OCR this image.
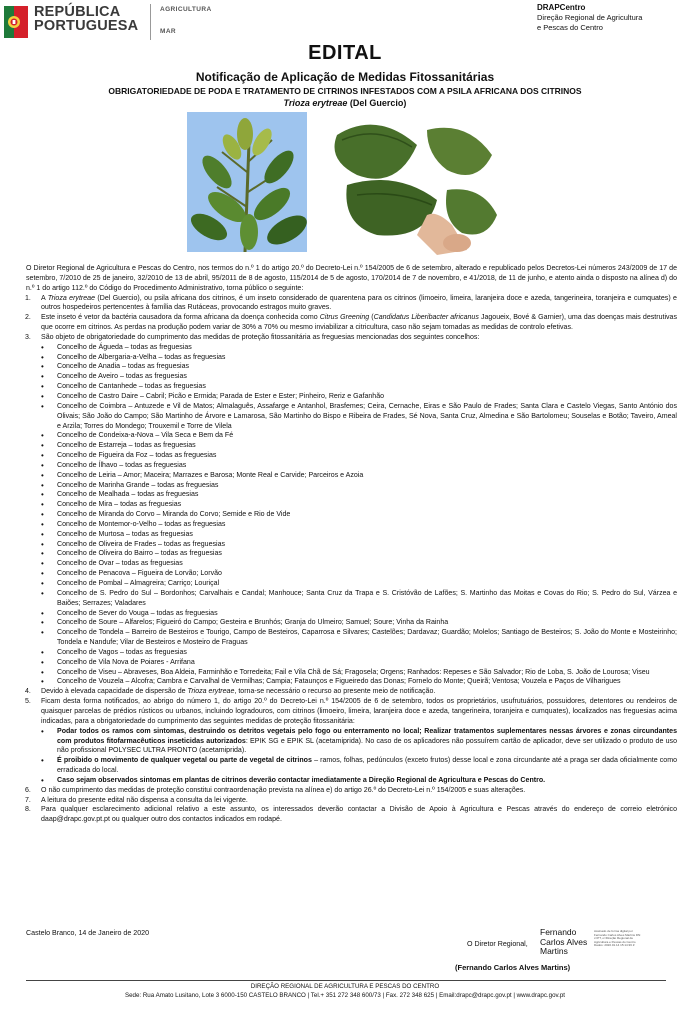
REPÚBLICA
PORTUGUESA
AGRICULTURA
MAR
DRAPCentro
Direção Regional de Agricultura
e Pescas do Centro
EDITAL
Notificação de Aplicação de Medidas Fitossanitárias
OBRIGATORIEDADE DE PODA E TRATAMENTO DE CITRINOS INFESTADOS COM A PSILA AFRICANA DOS CITRINOS
Trioza erytreae (Del Guercio)

O Diretor Regional de Agricultura e Pescas do Centro, nos termos do n.º 1 do artigo 20.º do Decreto-Lei n.º 154/2005 de 6 de setembro, alterado e republicado pelos Decretos-Lei números 243/2009 de 17 de setembro, 7/2010 de 25 de janeiro, 32/2010 de 13 de abril, 95/2011 de 8 de agosto, 115/2014 de 5 de agosto, 170/2014 de 7 de novembro, e 41/2018, de 11 de junho, e atento ainda o disposto na alínea d) do n.º 1 do artigo 112.º do Código do Procedimento Administrativo, torna público o seguinte:

1. A Trioza erytreae (Del Guercio), ou psila africana dos citrinos, é um inseto considerado de quarentena para os citrinos (limoeiro, limeira, laranjeira doce e azeda, tangerineira, toranjeira e cumquates) e outros hospedeiros pertencentes à família das Rutáceas, provocando estragos muito graves.
2. Este inseto é vetor da bactéria causadora da forma africana da doença conhecida como Citrus Greening (Candidatus Liberibacter africanus Jagoueix, Bové & Garnier), uma das doenças mais destrutivas que ocorre em citrinos. As perdas na produção podem variar de 30% a 70% ou mesmo inviabilizar a citricultura, caso não sejam tomadas as medidas de controlo efetivas.
3. São objeto de obrigatoriedade do cumprimento das medidas de proteção fitossanitária as freguesias mencionadas dos seguintes concelhos:
• Concelho de Águeda – todas as freguesias
• Concelho de Albergaria-a-Velha – todas as freguesias
• Concelho de Anadia – todas as freguesias
• Concelho de Aveiro – todas as freguesias
• Concelho de Cantanhede – todas as freguesias
• Concelho de Castro Daire – Cabril; Picão e Ermida; Parada de Ester e Ester; Pinheiro, Reriz e Gafanhão
• Concelho de Coimbra – Antuzede e Vil de Matos; Almalaguês, Assafarge e Antanhol, Brasfemes; Ceira, Cernache, Eiras e São Paulo de Frades; Santa Clara e Castelo Viegas, Santo António dos Olivais; São João do Campo; São Martinho de Árvore e Lamarosa, São Martinho do Bispo e Ribeira de Frades, Sé Nova, Santa Cruz, Almedina e São Bartolomeu; Souselas e Botão; Taveiro, Ameal e Arzila; Torres do Mondego; Trouxemil e Torre de Vilela
• Concelho de Condeixa-a-Nova – Vila Seca e Bem da Fé
• Concelho de Estarreja – todas as freguesias
• Concelho de Figueira da Foz – todas as freguesias
• Concelho de Ílhavo – todas as freguesias
• Concelho de Leiria – Amor; Maceira; Marrazes e Barosa; Monte Real e Carvide; Parceiros e Azoia
• Concelho de Marinha Grande – todas as freguesias
• Concelho de Mealhada – todas as freguesias
• Concelho de Mira – todas as freguesias
• Concelho de Miranda do Corvo – Miranda do Corvo; Semide e Rio de Vide
• Concelho de Montemor-o-Velho – todas as freguesias
• Concelho de Murtosa – todas as freguesias
• Concelho de Oliveira de Frades – todas as freguesias
• Concelho de Oliveira do Bairro – todas as freguesias
• Concelho de Ovar – todas as freguesias
• Concelho de Penacova – Figueira de Lorvão; Lorvão
• Concelho de Pombal – Almagreira; Carriço; Louriçal
• Concelho de S. Pedro do Sul – Bordonhos; Carvalhais e Candal; Manhouce; Santa Cruz da Trapa e S. Cristóvão de Lafões; S. Martinho das Moitas e Covas do Rio; S. Pedro do Sul, Várzea e Baiões; Serrazes; Valadares
• Concelho de Sever do Vouga – todas as freguesias
• Concelho de Soure – Alfarelos; Figueiró do Campo; Gesteira e Brunhós; Granja do Ulmeiro; Samuel; Soure; Vinha da Rainha
• Concelho de Tondela – Barreiro de Besteiros e Tourigo, Campo de Besteiros, Caparrosa e Silvares; Castelões; Dardavaz; Guardão; Molelos; Santiago de Besteiros; S. João do Monte e Mosteirinho; Tondela e Nandufe; Vilar de Besteiros e Mosteiro de Fraguas
• Concelho de Vagos – todas as freguesias
• Concelho de Vila Nova de Poiares - Arrifana
• Concelho de Viseu – Abraveses, Boa Aldeia, Farminhão e Torredeita; Fail e Vila Chã de Sá; Fragosela; Orgens; Ranhados: Repeses e São Salvador; Rio de Loba, S. João de Lourosa; Viseu
• Concelho de Vouzela – Alcofra; Cambra e Carvalhal de Vermilhas; Campia; Fataunços e Figueiredo das Donas; Fornelo do Monte; Queirã; Ventosa; Vouzela e Paços de Vilharigues
4. Devido à elevada capacidade de dispersão de Trioza erytreae, torna-se necessário o recurso ao presente meio de notificação.
5. Ficam desta forma notificados, ao abrigo do número 1, do artigo 20.º do Decreto-Lei n.º 154/2005 de 6 de setembro, todos os proprietários, usufrutuários, possuidores, detentores ou rendeiros de quaisquer parcelas de prédios rústicos ou urbanos, incluindo logradouros, com citrinos (limoeiro, limeira, laranjeira doce e azeda, tangerineira, toranjeira e cumquates), localizados nas freguesias acima indicadas, para a obrigatoriedade do cumprimento das seguintes medidas de proteção fitossanitária:
• Podar todos os ramos com sintomas, destruindo os detritos vegetais pelo fogo ou enterramento no local; Realizar tratamentos suplementares nessas árvores e zonas circundantes com produtos fitofarmacêuticos inseticidas autorizados: EPIK SG e EPIK SL (acetamiprida). No caso de os aplicadores não possuírem cartão de aplicador, deve ser utilizado o produto de uso não profissional POLYSEC ULTRA PRONTO (acetamiprida).
• É proibido o movimento de qualquer vegetal ou parte de vegetal de citrinos – ramos, folhas, pedúnculos (exceto frutos) desse local e zona circundante até a praga ser dada oficialmente como erradicada do local.
• Caso sejam observados sintomas em plantas de citrinos deverão contactar imediatamente a Direção Regional de Agricultura e Pescas do Centro.
6. O não cumprimento das medidas de proteção constitui contraordenação prevista na alínea e) do artigo 26.º do Decreto-Lei n.º 154/2005 e suas alterações.
7. A leitura do presente edital não dispensa a consulta da lei vigente.
8. Para qualquer esclarecimento adicional relativo a este assunto, os interessados deverão contactar a Divisão de Apoio à Agricultura e Pescas através do endereço de correio eletrónico daap@drapc.gov.pt.pt ou qualquer outro dos contactos indicados em rodapé.
Castelo Branco, 14 de Janeiro de 2020
O Diretor Regional,
Fernando
Carlos Alves
Martins
Assinado de forma digital por Fernando Carlos Alves Martins DN: c=PT, o=Direção Regional de Agricultura e Pescas do Centro Dados: 2020.01.14 15:14:36 Z
(Fernando Carlos Alves Martins)
DIREÇÃO REGIONAL DE AGRICULTURA E PESCAS DO CENTRO
Sede: Rua Amato Lusitano, Lote 3 6000-150 CASTELO BRANCO | Tel.+ 351 272 348 600/73 | Fax. 272 348 625 | Email:drapc@drapc.gov.pt | www.drapc.gov.pt
